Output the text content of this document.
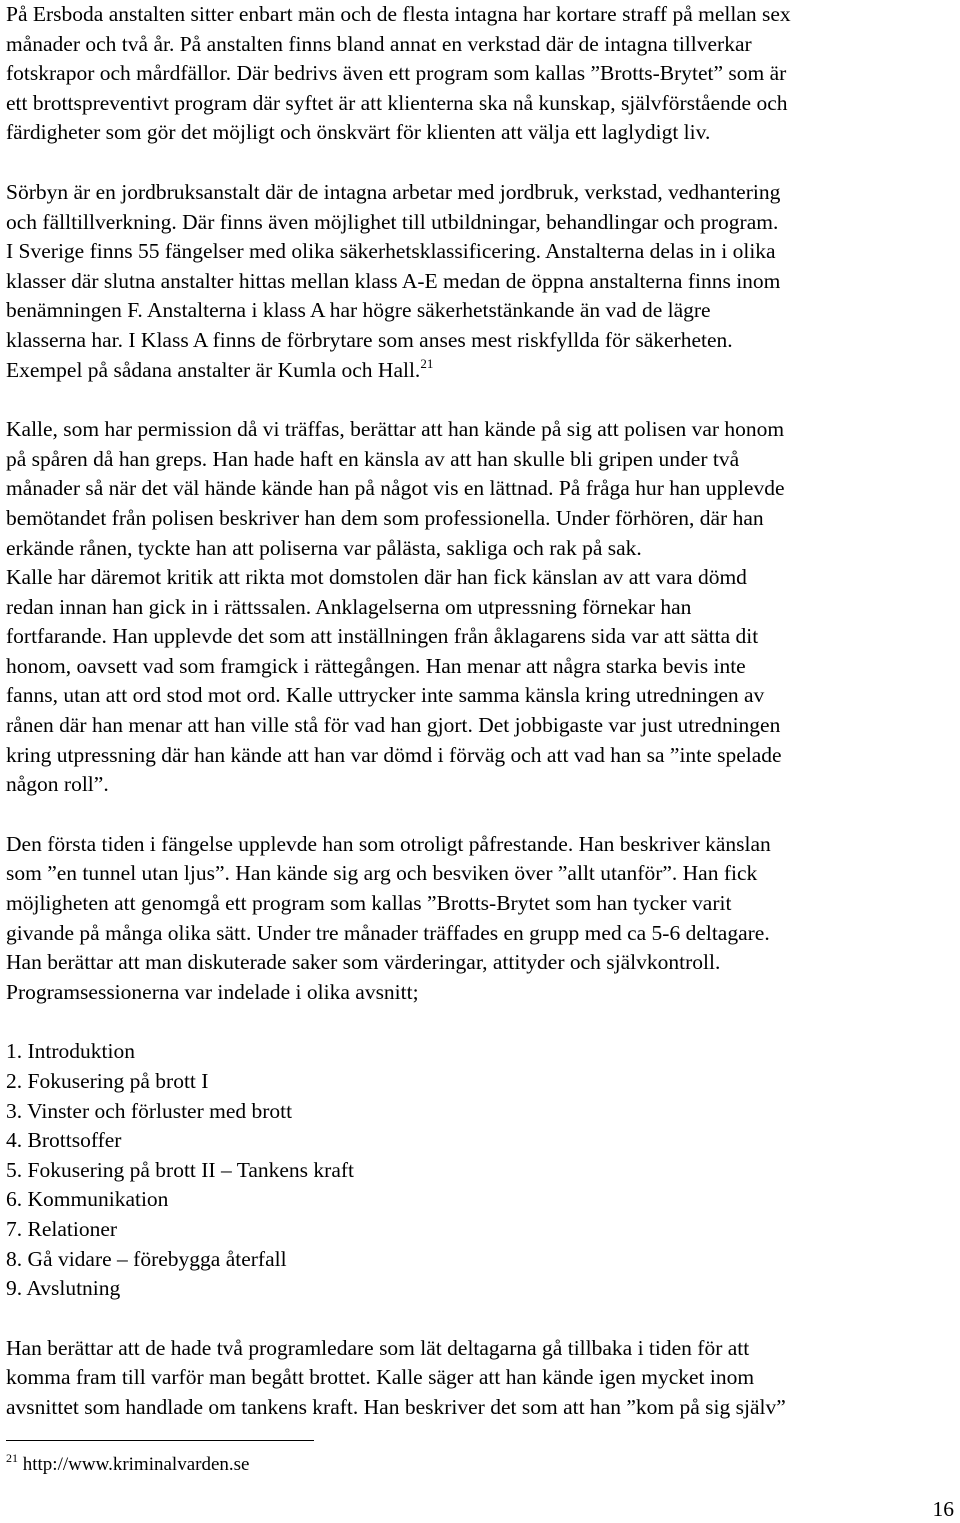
På Ersboda anstalten sitter enbart män och de flesta intagna har kortare straff på mellan sex
månader och två år. På anstalten finns bland annat en verkstad där de intagna tillverkar
fotskrapor och mårdfällor. Där bedrivs även ett program som kallas ”Brotts-Brytet” som är
ett brottspreventivt program där syftet är att klienterna ska nå kunskap, självförstående och
färdigheter som gör det möjligt och önskvärt för klienten att välja ett laglydigt liv.

Sörbyn är en jordbruksanstalt där de intagna arbetar med jordbruk, verkstad, vedhantering
och fälltillverkning. Där finns även möjlighet till utbildningar, behandlingar och program.
I Sverige finns 55 fängelser med olika säkerhetsklassificering. Anstalterna delas in i olika
klasser där slutna anstalter hittas mellan klass A-E medan de öppna anstalterna finns inom
benämningen F. Anstalterna i klass A har högre säkerhetstänkande än vad de lägre
klasserna har. I Klass A finns de förbrytare som anses mest riskfyllda för säkerheten.
Exempel på sådana anstalter är Kumla och Hall.$^{21}$

Kalle, som har permission då vi träffas, berättar att han kände på sig att polisen var honom
på spåren då han greps. Han hade haft en känsla av att han skulle bli gripen under två
månader så när det väl hände kände han på något vis en lättnad. På fråga hur han upplevde
bemötandet från polisen beskriver han dem som professionella. Under förhören, där han
erkände rånen, tyckte han att poliserna var pålästa, sakliga och rak på sak.
Kalle har däremot kritik att rikta mot domstolen där han fick känslan av att vara dömd
redan innan han gick in i rättssalen. Anklagelserna om utpressning förnekar han
fortfarande. Han upplevde det som att inställningen från åklagarens sida var att sätta dit
honom, oavsett vad som framgick i rättegången. Han menar att några starka bevis inte
fanns, utan att ord stod mot ord. Kalle uttrycker inte samma känsla kring utredningen av
rånen där han menar att han ville stå för vad han gjort. Det jobbigaste var just utredningen
kring utpressning där han kände att han var dömd i förväg och att vad han sa ”inte spelade
någon roll”.

Den första tiden i fängelse upplevde han som otroligt påfrestande. Han beskriver känslan
som ”en tunnel utan ljus”. Han kände sig arg och besviken över ”allt utanför”. Han fick
möjligheten att genomgå ett program som kallas ”Brotts-Brytet som han tycker varit
givande på många olika sätt. Under tre månader träffades en grupp med ca 5-6 deltagare.
Han berättar att man diskuterade saker som värderingar, attityder och självkontroll.
Programsessionerna var indelade i olika avsnitt;

1. Introduktion
2. Fokusering på brott I
3. Vinster och förluster med brott
4. Brottsoffer
5. Fokusering på brott II – Tankens kraft
6. Kommunikation
7. Relationer
8. Gå vidare – förebygga återfall
9. Avslutning

Han berättar att de hade två programledare som lät deltagarna gå tillbaka i tiden för att
komma fram till varför man begått brottet. Kalle säger att han kände igen mycket inom
avsnittet som handlade om tankens kraft. Han beskriver det som att han ”kom på sig själv”

$^{21}$ http://www.kriminalvarden.se
16
